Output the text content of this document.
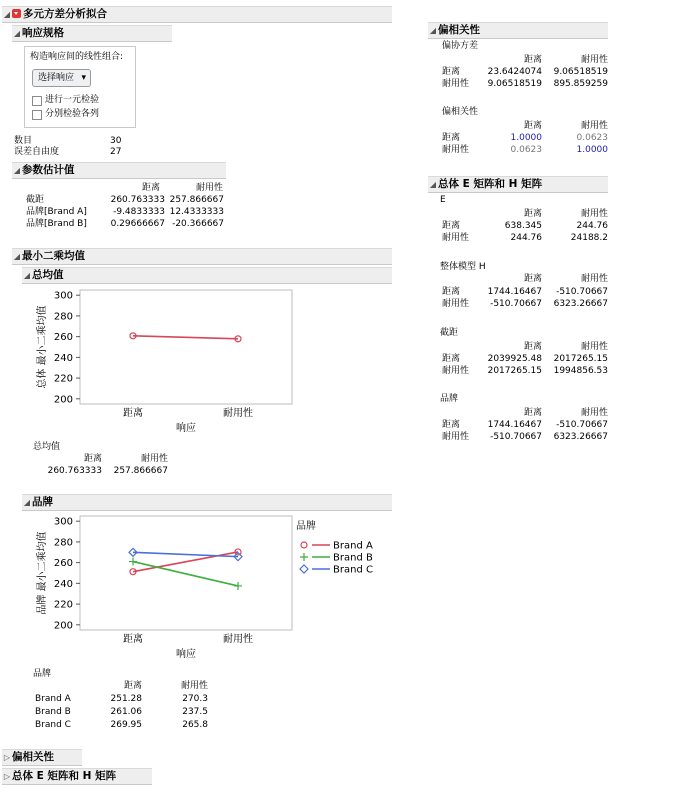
◢ 多元方差分析拟合
◢ 响应规格
构造响应间的线性组合:
选择响应 ▾
进行一元检验
分别检验各列
数目	30
误差自由度	27
◢ 参数估计值
距离	耐用性
截距	260.763333 257.866667
品牌[Brand A]	-9.4833333 12.4333333
品牌[Brand B]	0.29666667 -20.366667
◢ 最小二乘均值
◢ 总均值
200
220
240
260
280
300
总体 最小二乘均值
响应
距离	耐用性
总均值
距离	耐用性
260.763333	257.866667
◢ 品牌
200
220
240
260
280
300
品牌 最小二乘均值
响应
距离	耐用性
品牌
Brand A
Brand B
Brand C
品牌
距离	耐用性
Brand A	251.28	270.3
Brand B	261.06	237.5
Brand C	269.95	265.8
▷ 偏相关性
▷ 总体 E 矩阵和 H 矩阵
◢ 偏相关性
偏协方差
距离	耐用性
距离	23.6424074	9.06518519
耐用性	9.06518519	895.859259
偏相关性
距离	耐用性
距离	1.0000	0.0623
耐用性	0.0623	1.0000
◢ 总体 E 矩阵和 H 矩阵
E
距离	耐用性
距离	638.345	244.76
耐用性	244.76	24188.2
整体模型 H
距离	耐用性
距离	1744.16467	-510.70667
耐用性	-510.70667	6323.26667
截距
距离	耐用性
距离	2039925.48	2017265.15
耐用性	2017265.15	1994856.53
品牌
距离	耐用性
距离	1744.16467	-510.70667
耐用性	-510.70667	6323.26667
